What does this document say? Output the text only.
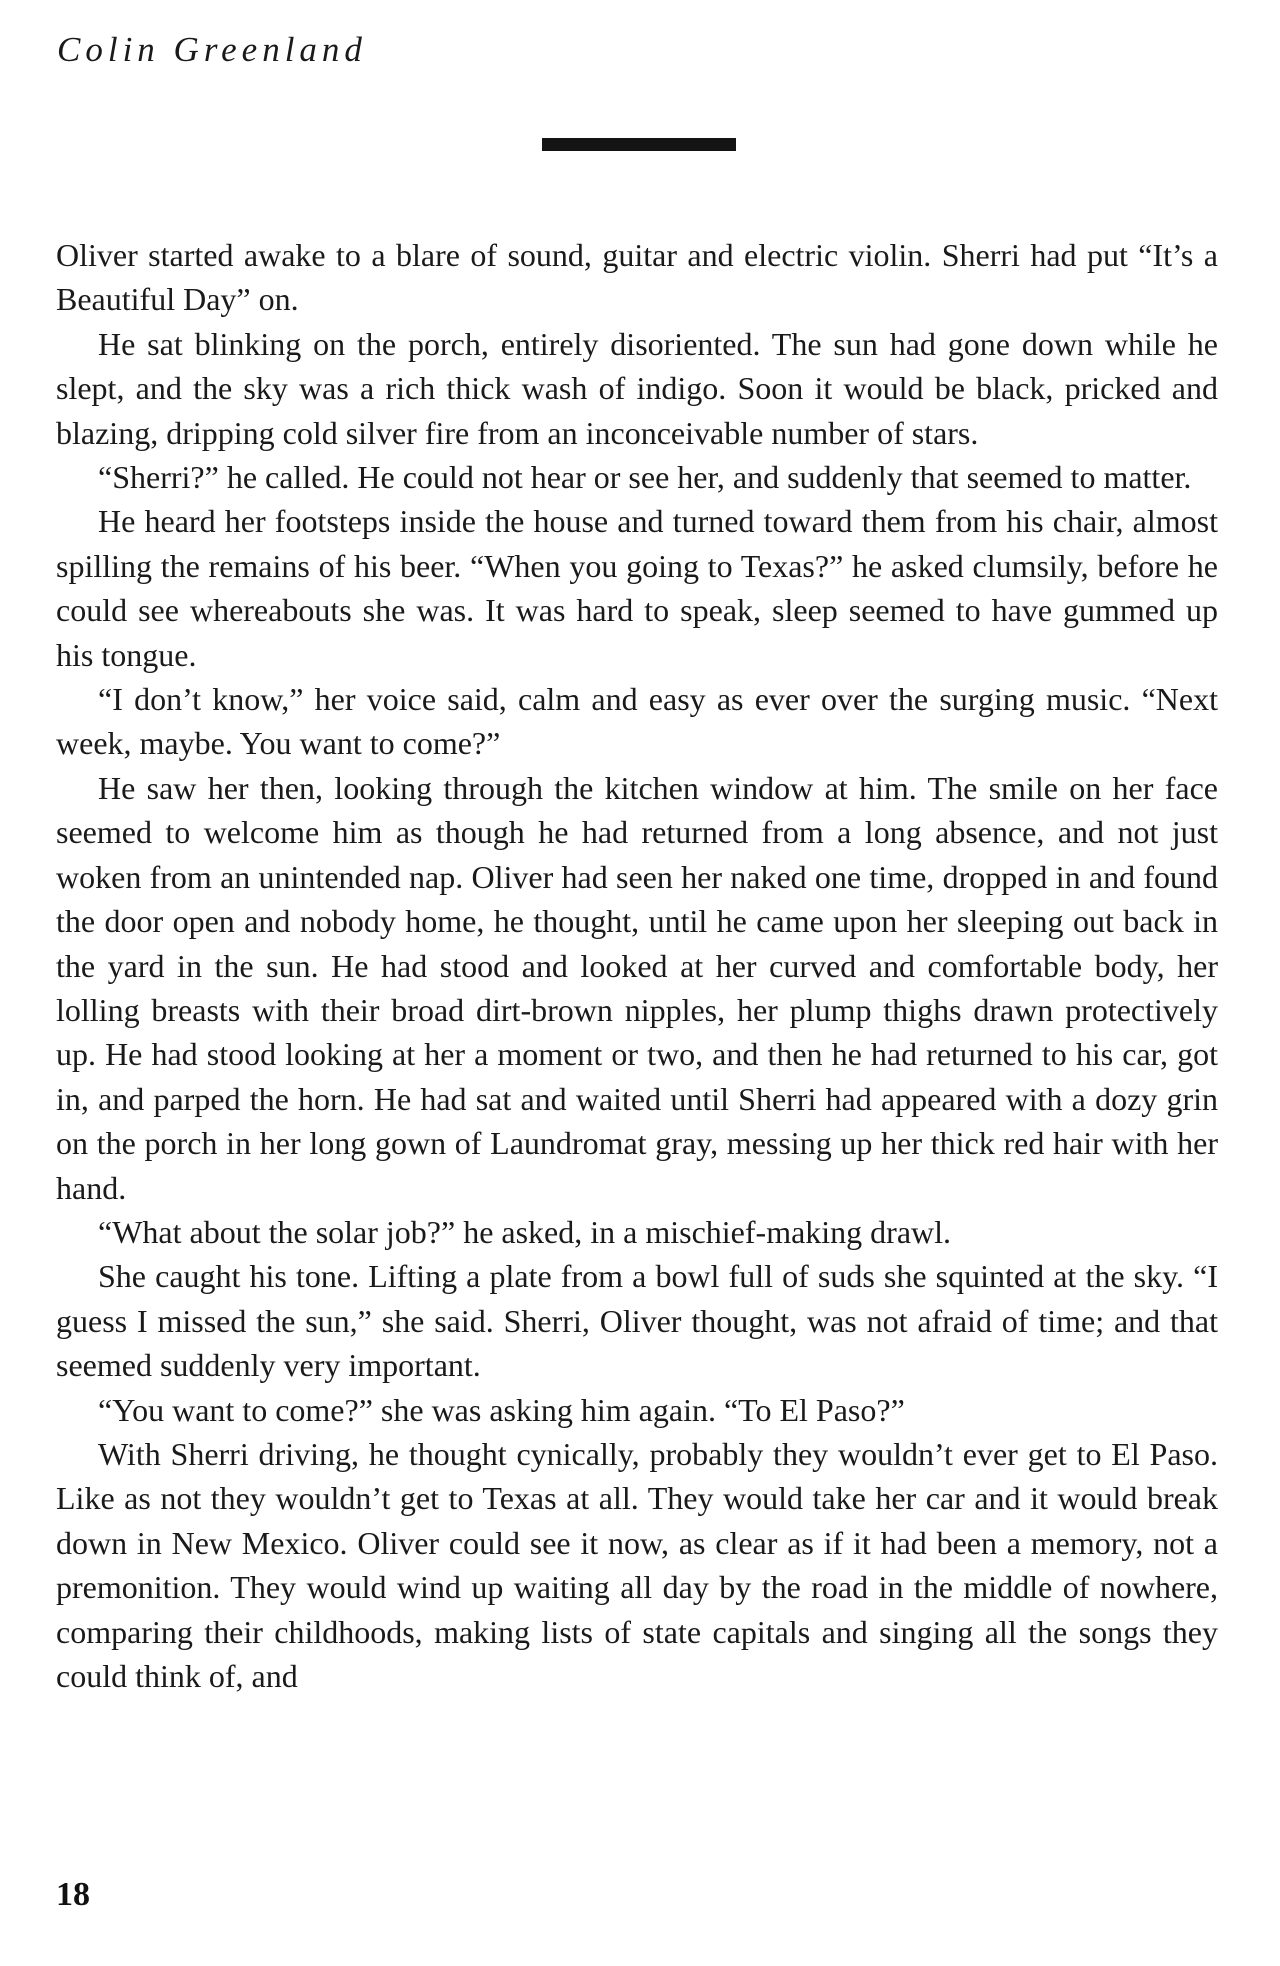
Colin Greenland

Oliver started awake to a blare of sound, guitar and electric violin. Sherri had put “It’s a Beautiful Day” on.

He sat blinking on the porch, entirely disoriented. The sun had gone down while he slept, and the sky was a rich thick wash of indigo. Soon it would be black, pricked and blazing, dripping cold silver fire from an inconceivable number of stars.

“Sherri?” he called. He could not hear or see her, and suddenly that seemed to matter.

He heard her footsteps inside the house and turned toward them from his chair, almost spilling the remains of his beer. “When you going to Texas?” he asked clumsily, before he could see whereabouts she was. It was hard to speak, sleep seemed to have gummed up his tongue.

“I don’t know,” her voice said, calm and easy as ever over the surging music. “Next week, maybe. You want to come?”

He saw her then, looking through the kitchen window at him. The smile on her face seemed to welcome him as though he had returned from a long absence, and not just woken from an unintended nap. Oliver had seen her naked one time, dropped in and found the door open and nobody home, he thought, until he came upon her sleeping out back in the yard in the sun. He had stood and looked at her curved and comfortable body, her lolling breasts with their broad dirt-brown nipples, her plump thighs drawn protectively up. He had stood looking at her a moment or two, and then he had returned to his car, got in, and parped the horn. He had sat and waited until Sherri had appeared with a dozy grin on the porch in her long gown of Laundromat gray, messing up her thick red hair with her hand.

“What about the solar job?” he asked, in a mischief-making drawl.

She caught his tone. Lifting a plate from a bowl full of suds she squinted at the sky. “I guess I missed the sun,” she said. Sherri, Oliver thought, was not afraid of time; and that seemed suddenly very important.

“You want to come?” she was asking him again. “To El Paso?”

With Sherri driving, he thought cynically, probably they wouldn’t ever get to El Paso. Like as not they wouldn’t get to Texas at all. They would take her car and it would break down in New Mexico. Oliver could see it now, as clear as if it had been a memory, not a premonition. They would wind up waiting all day by the road in the middle of nowhere, comparing their childhoods, making lists of state capitals and singing all the songs they could think of, and

18
